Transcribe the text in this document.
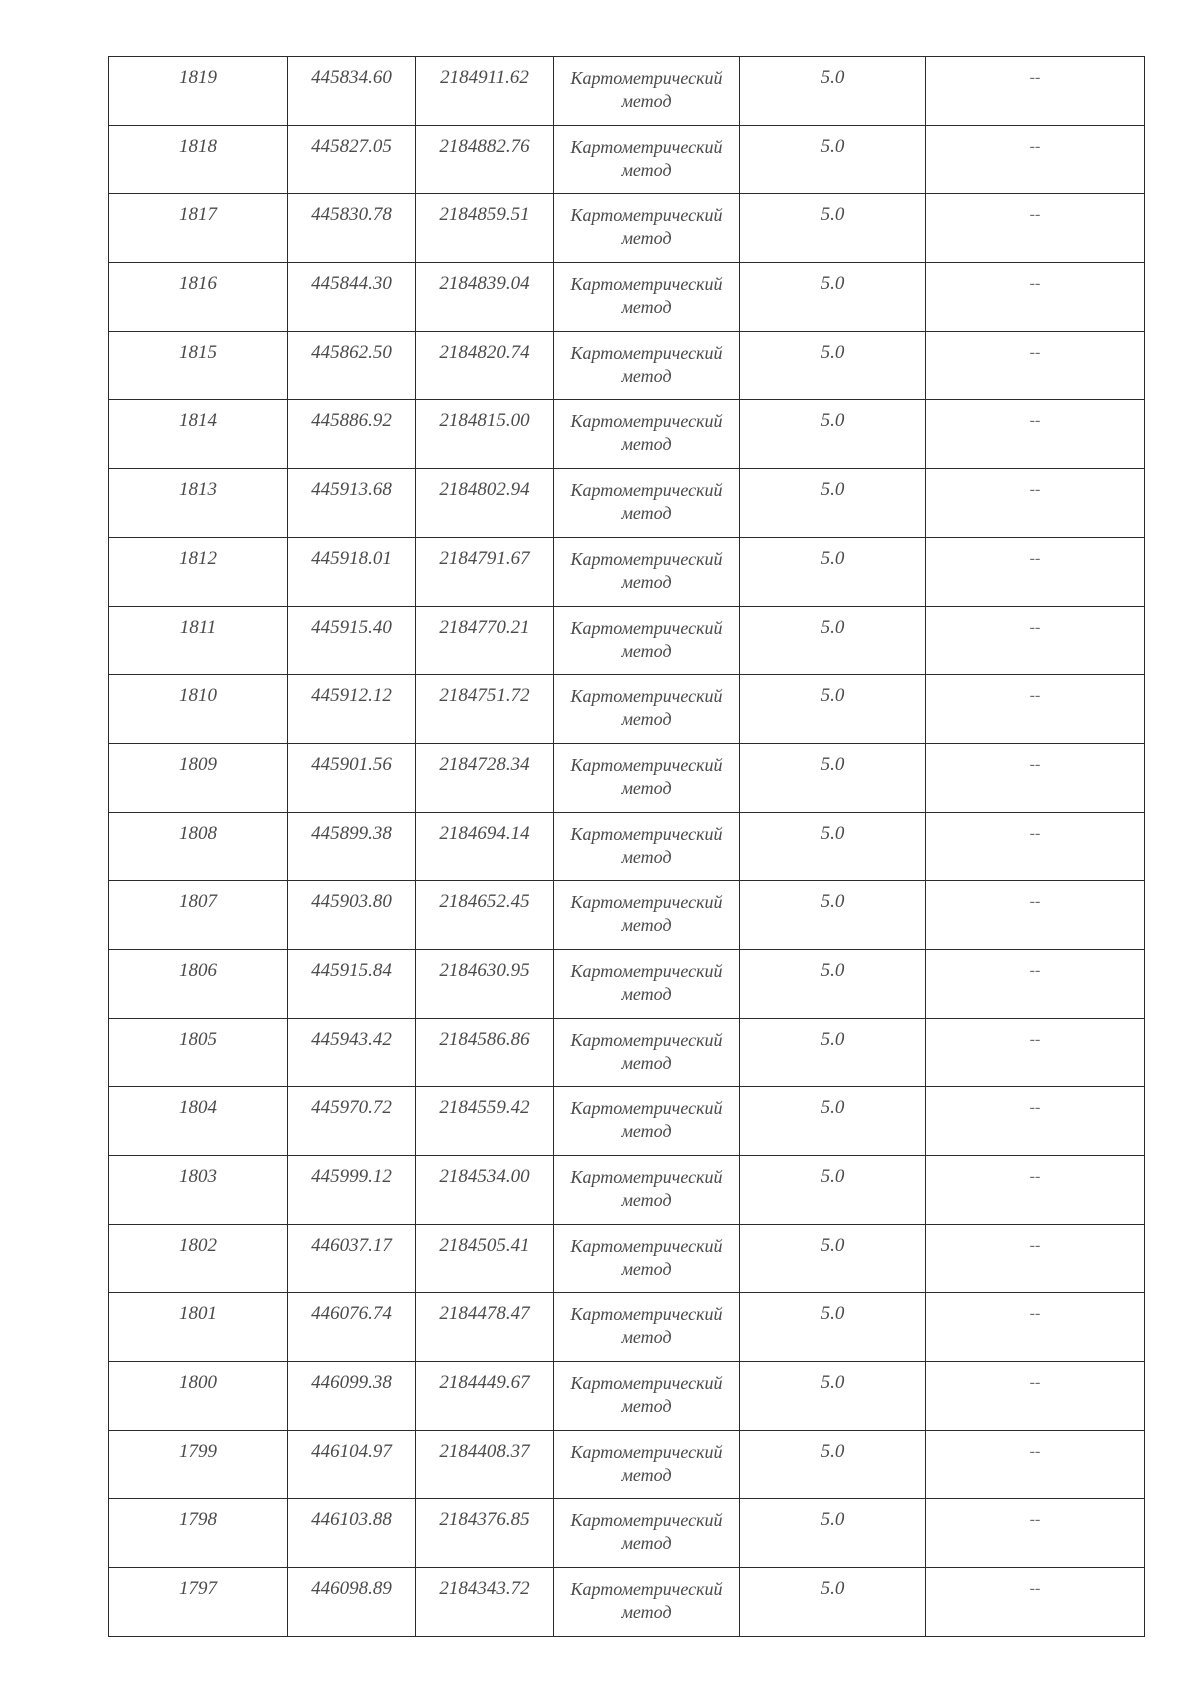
1819	445834.60	2184911.62	Картометрический метод	5.0	--

1818	445827.05	2184882.76	Картометрический метод	5.0	--

1817	445830.78	2184859.51	Картометрический метод	5.0	--

1816	445844.30	2184839.04	Картометрический метод	5.0	--

1815	445862.50	2184820.74	Картометрический метод	5.0	--

1814	445886.92	2184815.00	Картометрический метод	5.0	--

1813	445913.68	2184802.94	Картометрический метод	5.0	--

1812	445918.01	2184791.67	Картометрический метод	5.0	--

1811	445915.40	2184770.21	Картометрический метод	5.0	--

1810	445912.12	2184751.72	Картометрический метод	5.0	--

1809	445901.56	2184728.34	Картометрический метод	5.0	--

1808	445899.38	2184694.14	Картометрический метод	5.0	--

1807	445903.80	2184652.45	Картометрический метод	5.0	--

1806	445915.84	2184630.95	Картометрический метод	5.0	--

1805	445943.42	2184586.86	Картометрический метод	5.0	--

1804	445970.72	2184559.42	Картометрический метод	5.0	--

1803	445999.12	2184534.00	Картометрический метод	5.0	--

1802	446037.17	2184505.41	Картометрический метод	5.0	--

1801	446076.74	2184478.47	Картометрический метод	5.0	--

1800	446099.38	2184449.67	Картометрический метод	5.0	--

1799	446104.97	2184408.37	Картометрический метод	5.0	--

1798	446103.88	2184376.85	Картометрический метод	5.0	--

1797	446098.89	2184343.72	Картометрический метод	5.0	--
